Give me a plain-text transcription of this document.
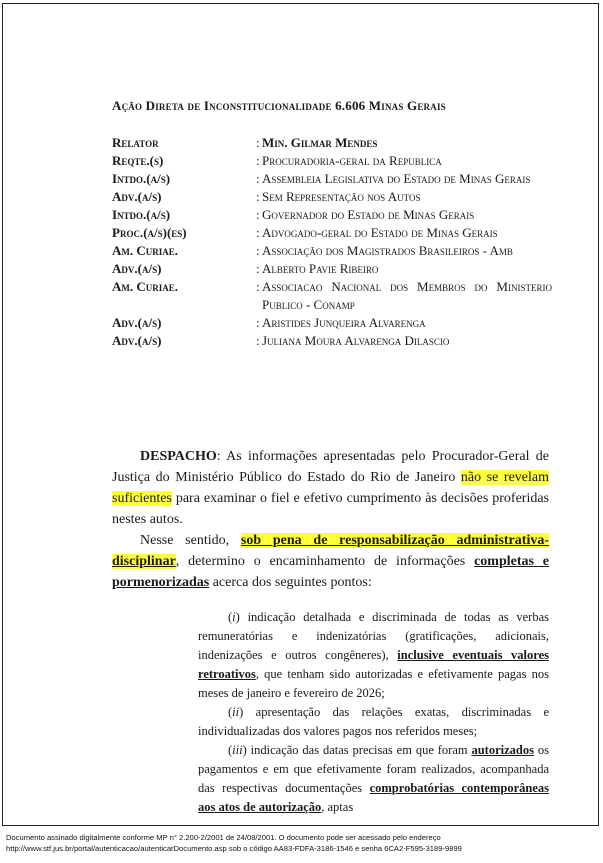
Ação Direta de Inconstitucionalidade 6.606 Minas Gerais
Relator	: Min. Gilmar Mendes
Reqte.(s)	: Procuradoria-geral da Republica
Intdo.(a/s)	: Assembleia Legislativa do Estado de Minas Gerais
Adv.(a/s)	: Sem Representação nos Autos
Intdo.(a/s)	: Governador do Estado de Minas Gerais
Proc.(a/s)(es)	: Advogado-geral do Estado de Minas Gerais
Am. Curiae.	: Associação dos Magistrados Brasileiros - Amb
Adv.(a/s)	: Alberto Pavie Ribeiro
Am. Curiae.	: Associacao Nacional dos Membros do Ministerio Publico - Conamp
Adv.(a/s)	: Aristides Junqueira Alvarenga
Adv.(a/s)	: Juliana Moura Alvarenga Dilascio

DESPACHO: As informações apresentadas pelo Procurador-Geral de Justiça do Ministério Público do Estado do Rio de Janeiro não se revelam suficientes para examinar o fiel e efetivo cumprimento às decisões proferidas nestes autos.

Nesse sentido, sob pena de responsabilização administrativa-disciplinar, determino o encaminhamento de informações completas e pormenorizadas acerca dos seguintes pontos:

(i) indicação detalhada e discriminada de todas as verbas remuneratórias e indenizatórias (gratificações, adicionais, indenizações e outros congêneres), inclusive eventuais valores retroativos, que tenham sido autorizadas e efetivamente pagas nos meses de janeiro e fevereiro de 2026;

(ii) apresentação das relações exatas, discriminadas e individualizadas dos valores pagos nos referidos meses;

(iii) indicação das datas precisas em que foram autorizados os pagamentos e em que efetivamente foram realizados, acompanhada das respectivas documentações comprobatórias contemporâneas aos atos de autorização, aptas

Documento assinado digitalmente conforme MP n° 2.200-2/2001 de 24/08/2001. O documento pode ser acessado pelo endereço
http://www.stf.jus.br/portal/autenticacao/autenticarDocumento.asp sob o código AA83-FDFA-3186-1546 e senha 6CA2-F595-3189-9899
